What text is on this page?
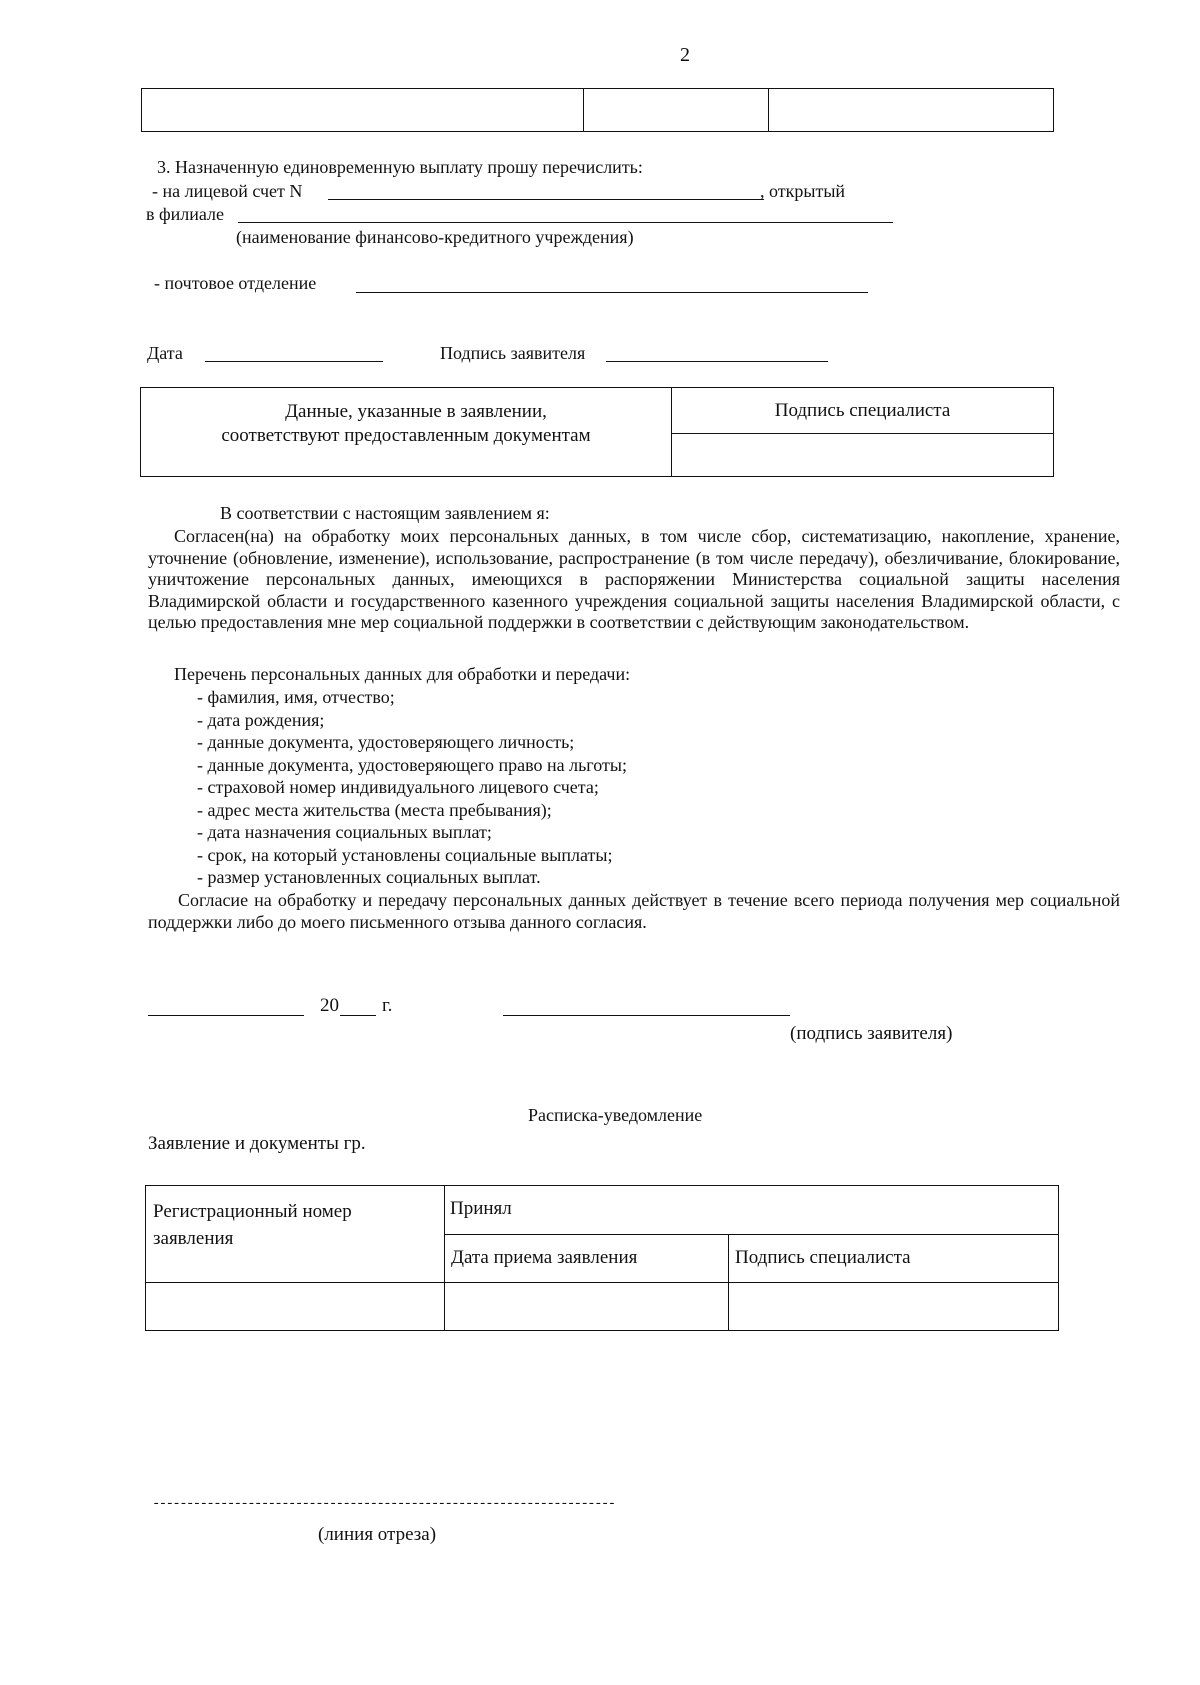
2

3. Назначенную единовременную выплату прошу перечислить:
- на лицевой счет N	, открытый
в филиале
(наименование финансово-кредитного учреждения)
- почтовое отделение
Дата	Подпись заявителя
Данные, указанные в заявлении,
соответствуют предоставленным документам
	Подпись специалиста

В соответствии с настоящим заявлением я:
Согласен(на) на обработку моих персональных данных, в том числе сбор, систематизацию, накопление, хранение, уточнение (обновление, изменение), использование, распространение (в том числе передачу), обезличивание, блокирование, уничтожение персональных данных, имеющихся в распоряжении Министерства социальной защиты населения Владимирской области и государственного казенного учреждения социальной защиты населения Владимирской области, с целью предоставления мне мер социальной поддержки в соответствии с действующим законодательством.
Перечень персональных данных для обработки и передачи:
- фамилия, имя, отчество;
- дата рождения;
- данные документа, удостоверяющего личность;
- данные документа, удостоверяющего право на льготы;
- страховой номер индивидуального лицевого счета;
- адрес места жительства (места пребывания);
- дата назначения социальных выплат;
- срок, на который установлены социальные выплаты;
- размер установленных социальных выплат.
Согласие на обработку и передачу персональных данных действует в течение всего периода получения мер социальной поддержки либо до моего письменного отзыва данного согласия.
20 г.
(подпись заявителя)
Расписка-уведомление
Заявление и документы гр.
Регистрационный номер заявления	Принял	
	Дата приема заявления	Подпись специалиста

--------------------------------------------------------------------
(линия отреза)
